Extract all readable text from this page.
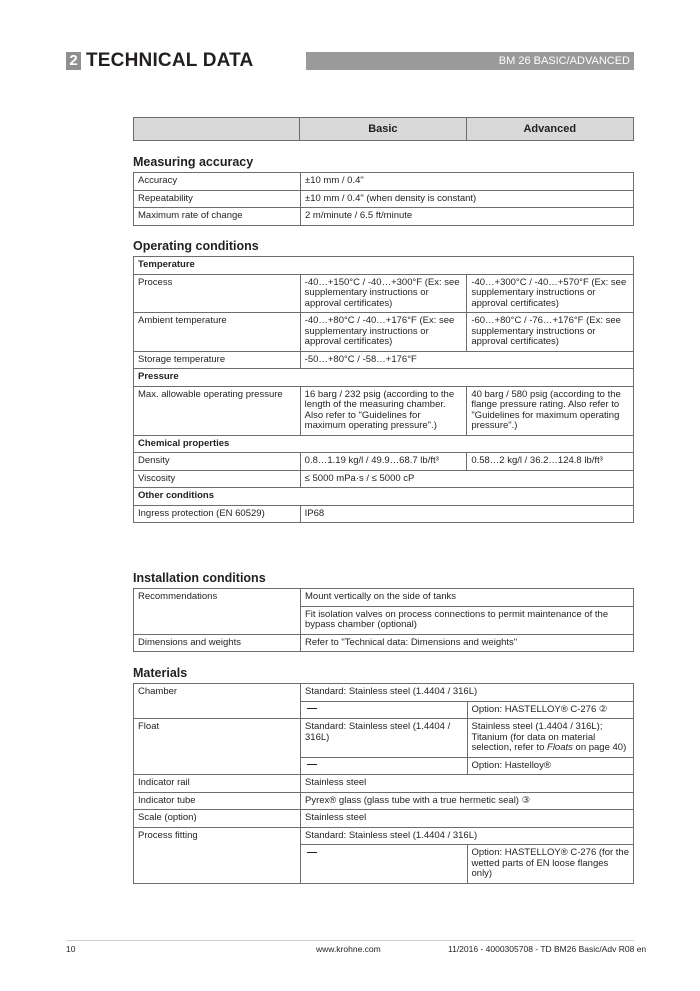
2 TECHNICAL DATA	BM 26 BASIC/ADVANCED
	Basic	Advanced
Measuring accuracy
Accuracy	±10 mm / 0.4"
Repeatability	±10 mm / 0.4" (when density is constant)
Maximum rate of change	2 m/minute / 6.5 ft/minute
Operating conditions
Temperature		
Process	-40…+150°C / -40…+300°F (Ex: see supplementary instructions or approval certificates)	-40…+300°C / -40…+570°F (Ex: see supplementary instructions or approval certificates)
Ambient temperature	-40…+80°C / -40…+176°F (Ex: see supplementary instructions or approval certificates)	-60…+80°C / -76…+176°F (Ex: see supplementary instructions or approval certificates)
Storage temperature	-50…+80°C / -58…+176°F	
Pressure		
Max. allowable operating pressure	16 barg / 232 psig (according to the length of the measuring chamber. Also refer to "Guidelines for maximum operating pressure".)	40 barg / 580 psig (according to the flange pressure rating. Also refer to "Guidelines for maximum operating pressure".)
Chemical properties		
Density	0.8…1.19 kg/l / 49.9…68.7 lb/ft³	0.58…2 kg/l / 36.2…124.8 lb/ft³
Viscosity	≤ 5000 mPa·s / ≤ 5000 cP	
Other conditions		
Ingress protection (EN 60529)	IP68	
Installation conditions
Recommendations	Mount vertically on the side of tanks
	Fit isolation valves on process connections to permit maintenance of the bypass chamber (optional)
Dimensions and weights	Refer to "Technical data: Dimensions and weights"
Materials
Chamber	Standard: Stainless steel (1.4404 / 316L)	
		Option: HASTELLOY® C-276 ②
Float	Standard: Stainless steel (1.4404 / 316L)	Stainless steel (1.4404 / 316L); Titanium (for data on material selection, refer to Floats on page 40)
		Option: Hastelloy®
Indicator rail	Stainless steel	
Indicator tube	Pyrex® glass (glass tube with a true hermetic seal) ③	
Scale (option)	Stainless steel	
Process fitting	Standard: Stainless steel (1.4404 / 316L)	
		Option: HASTELLOY® C-276 (for the wetted parts of EN loose flanges only)
10	www.krohne.com	11/2016 - 4000305708 - TD BM26 Basic/Adv R08 en
